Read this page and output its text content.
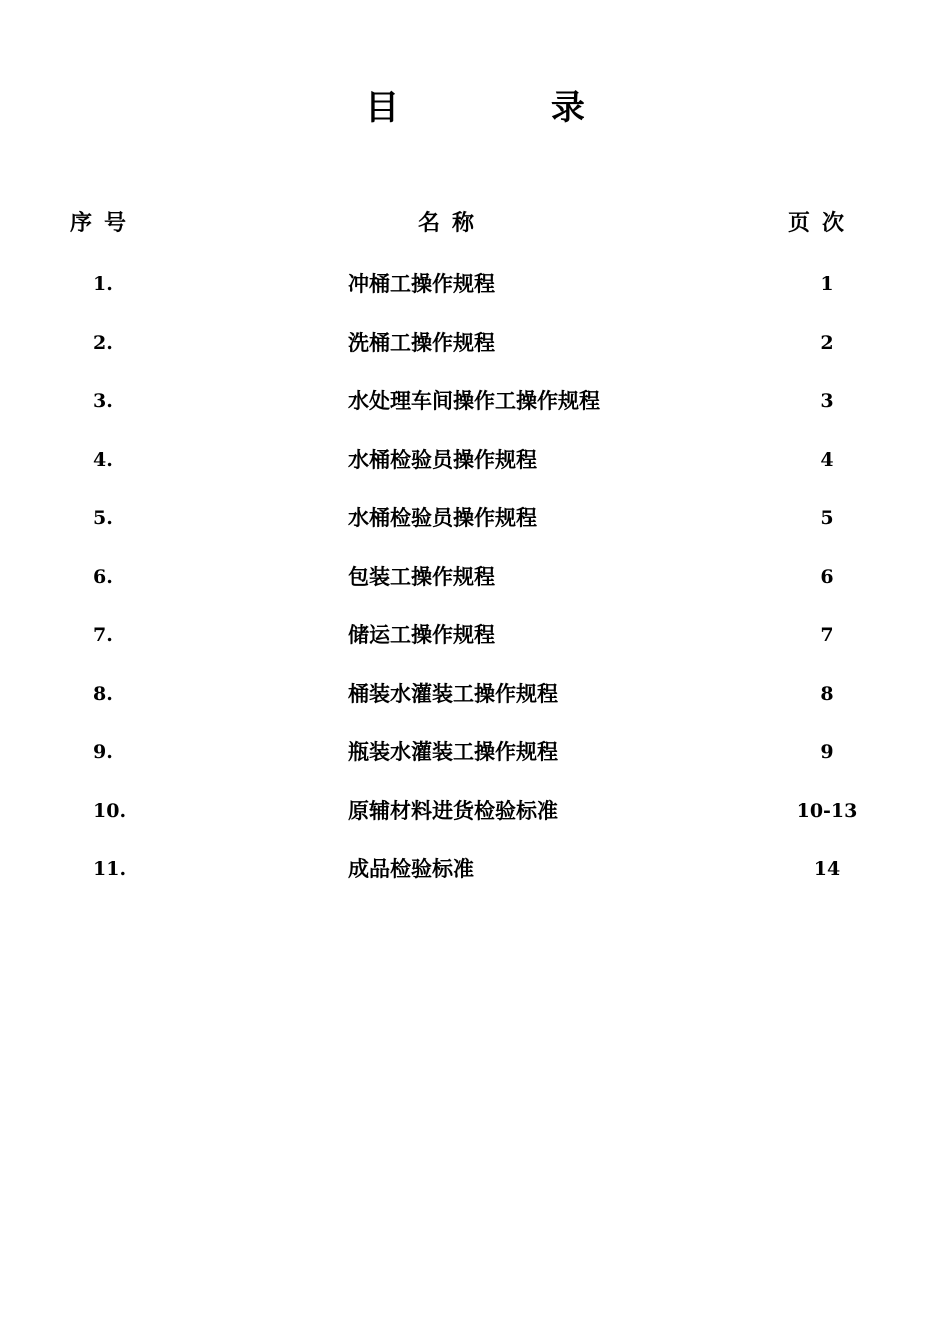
目 录
序号	名称	页次
1.	冲桶工操作规程	1
2.	洗桶工操作规程	2
3.	水处理车间操作工操作规程	3
4.	水桶检验员操作规程	4
5.	水桶检验员操作规程	5
6.	包装工操作规程	6
7.	储运工操作规程	7
8.	桶装水灌装工操作规程	8
9.	瓶装水灌装工操作规程	9
10.	原辅材料进货检验标准	10-13
11.	成品检验标准	14
